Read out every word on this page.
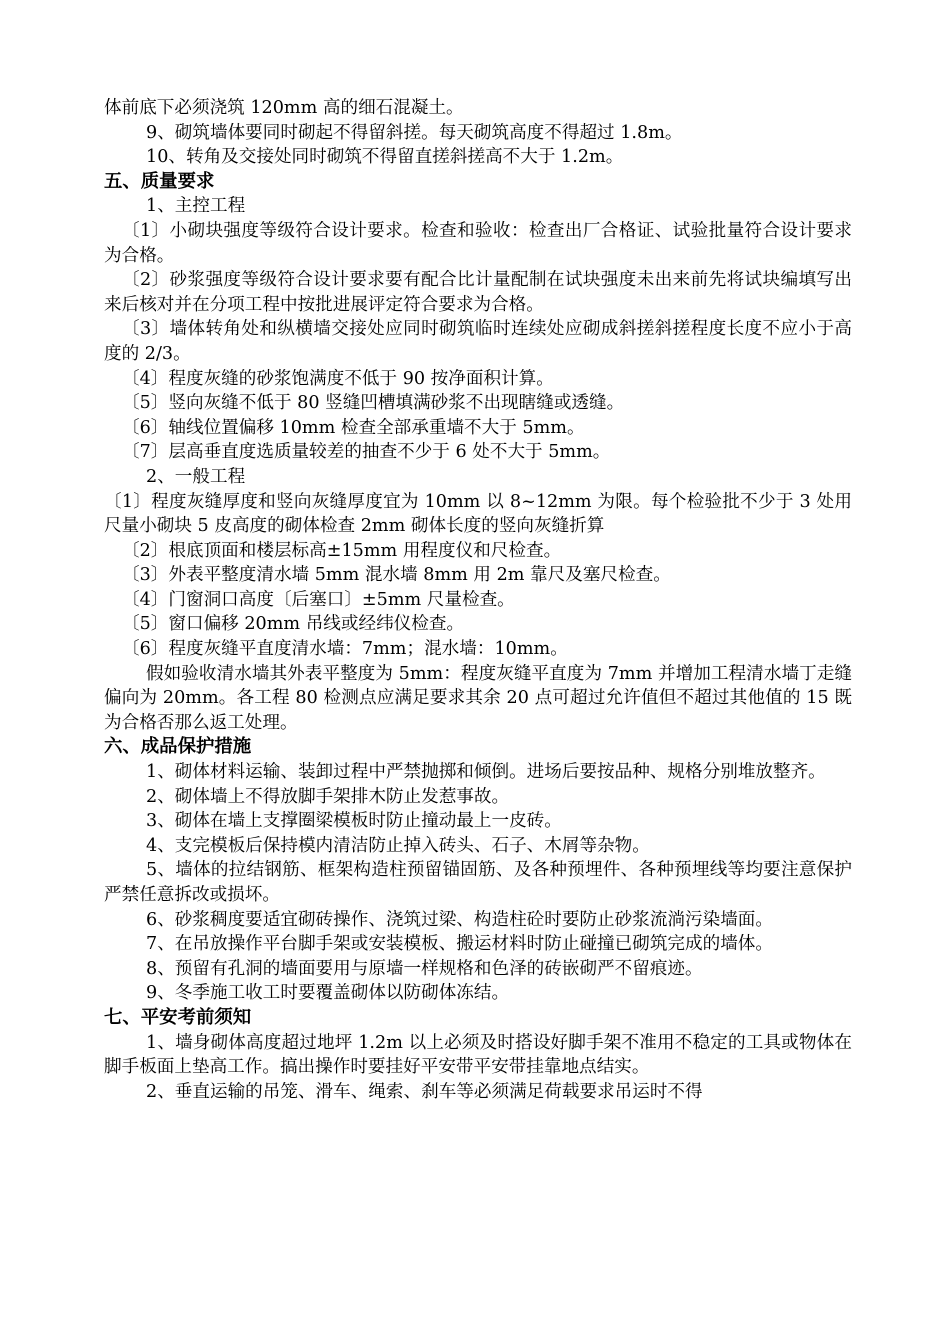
体前底下必须浇筑 120mm 高的细石混凝土。

9、砌筑墙体要同时砌起不得留斜搓。每天砌筑高度不得超过 1.8m。

10、转角及交接处同时砌筑不得留直搓斜搓高不大于 1.2m。

五、质量要求

1、主控工程

〔1〕小砌块强度等级符合设计要求。检查和验收：检查出厂合格证、试验批量符合设计要求为合格。

〔2〕砂浆强度等级符合设计要求要有配合比计量配制在试块强度未出来前先将试块编填写出来后核对并在分项工程中按批进展评定符合要求为合格。

〔3〕墙体转角处和纵横墙交接处应同时砌筑临时连续处应砌成斜搓斜搓程度长度不应小于高度的 2/3。

〔4〕程度灰缝的砂浆饱满度不低于 90 按净面积计算。

〔5〕竖向灰缝不低于 80 竖缝凹槽填满砂浆不出现瞎缝或透缝。

〔6〕轴线位置偏移 10mm 检查全部承重墙不大于 5mm。

〔7〕层高垂直度选质量较差的抽查不少于 6 处不大于 5mm。

2、一般工程

〔1〕程度灰缝厚度和竖向灰缝厚度宜为 10mm 以 8~12mm 为限。每个检验批不少于 3 处用尺量小砌块 5 皮高度的砌体检查 2mm 砌体长度的竖向灰缝折算

〔2〕根底顶面和楼层标高±15mm 用程度仪和尺检查。

〔3〕外表平整度清水墙 5mm 混水墙 8mm 用 2m 靠尺及塞尺检查。

〔4〕门窗洞口高度〔后塞口〕±5mm 尺量检查。

〔5〕窗口偏移 20mm 吊线或经纬仪检查。

〔6〕程度灰缝平直度清水墙：7mm；混水墙：10mm。

假如验收清水墙其外表平整度为 5mm：程度灰缝平直度为 7mm 并增加工程清水墙丁走缝偏向为 20mm。各工程 80 检测点应满足要求其余 20 点可超过允许值但不超过其他值的 15 既为合格否那么返工处理。

六、成品保护措施

1、砌体材料运输、装卸过程中严禁抛掷和倾倒。进场后要按品种、规格分别堆放整齐。

2、砌体墙上不得放脚手架排木防止发惹事故。

3、砌体在墙上支撑圈梁模板时防止撞动最上一皮砖。

4、支完模板后保持模内清洁防止掉入砖头、石子、木屑等杂物。

5、墙体的拉结钢筋、框架构造柱预留锚固筋、及各种预埋件、各种预埋线等均要注意保护严禁任意拆改或损坏。

6、砂浆稠度要适宜砌砖操作、浇筑过梁、构造柱砼时要防止砂浆流淌污染墙面。

7、在吊放操作平台脚手架或安装模板、搬运材料时防止碰撞已砌筑完成的墙体。

8、预留有孔洞的墙面要用与原墙一样规格和色泽的砖嵌砌严不留痕迹。

9、冬季施工收工时要覆盖砌体以防砌体冻结。

七、平安考前须知

1、墙身砌体高度超过地坪 1.2m 以上必须及时搭设好脚手架不准用不稳定的工具或物体在脚手板面上垫高工作。搞出操作时要挂好平安带平安带挂靠地点结实。

2、垂直运输的吊笼、滑车、绳索、刹车等必须满足荷载要求吊运时不得
